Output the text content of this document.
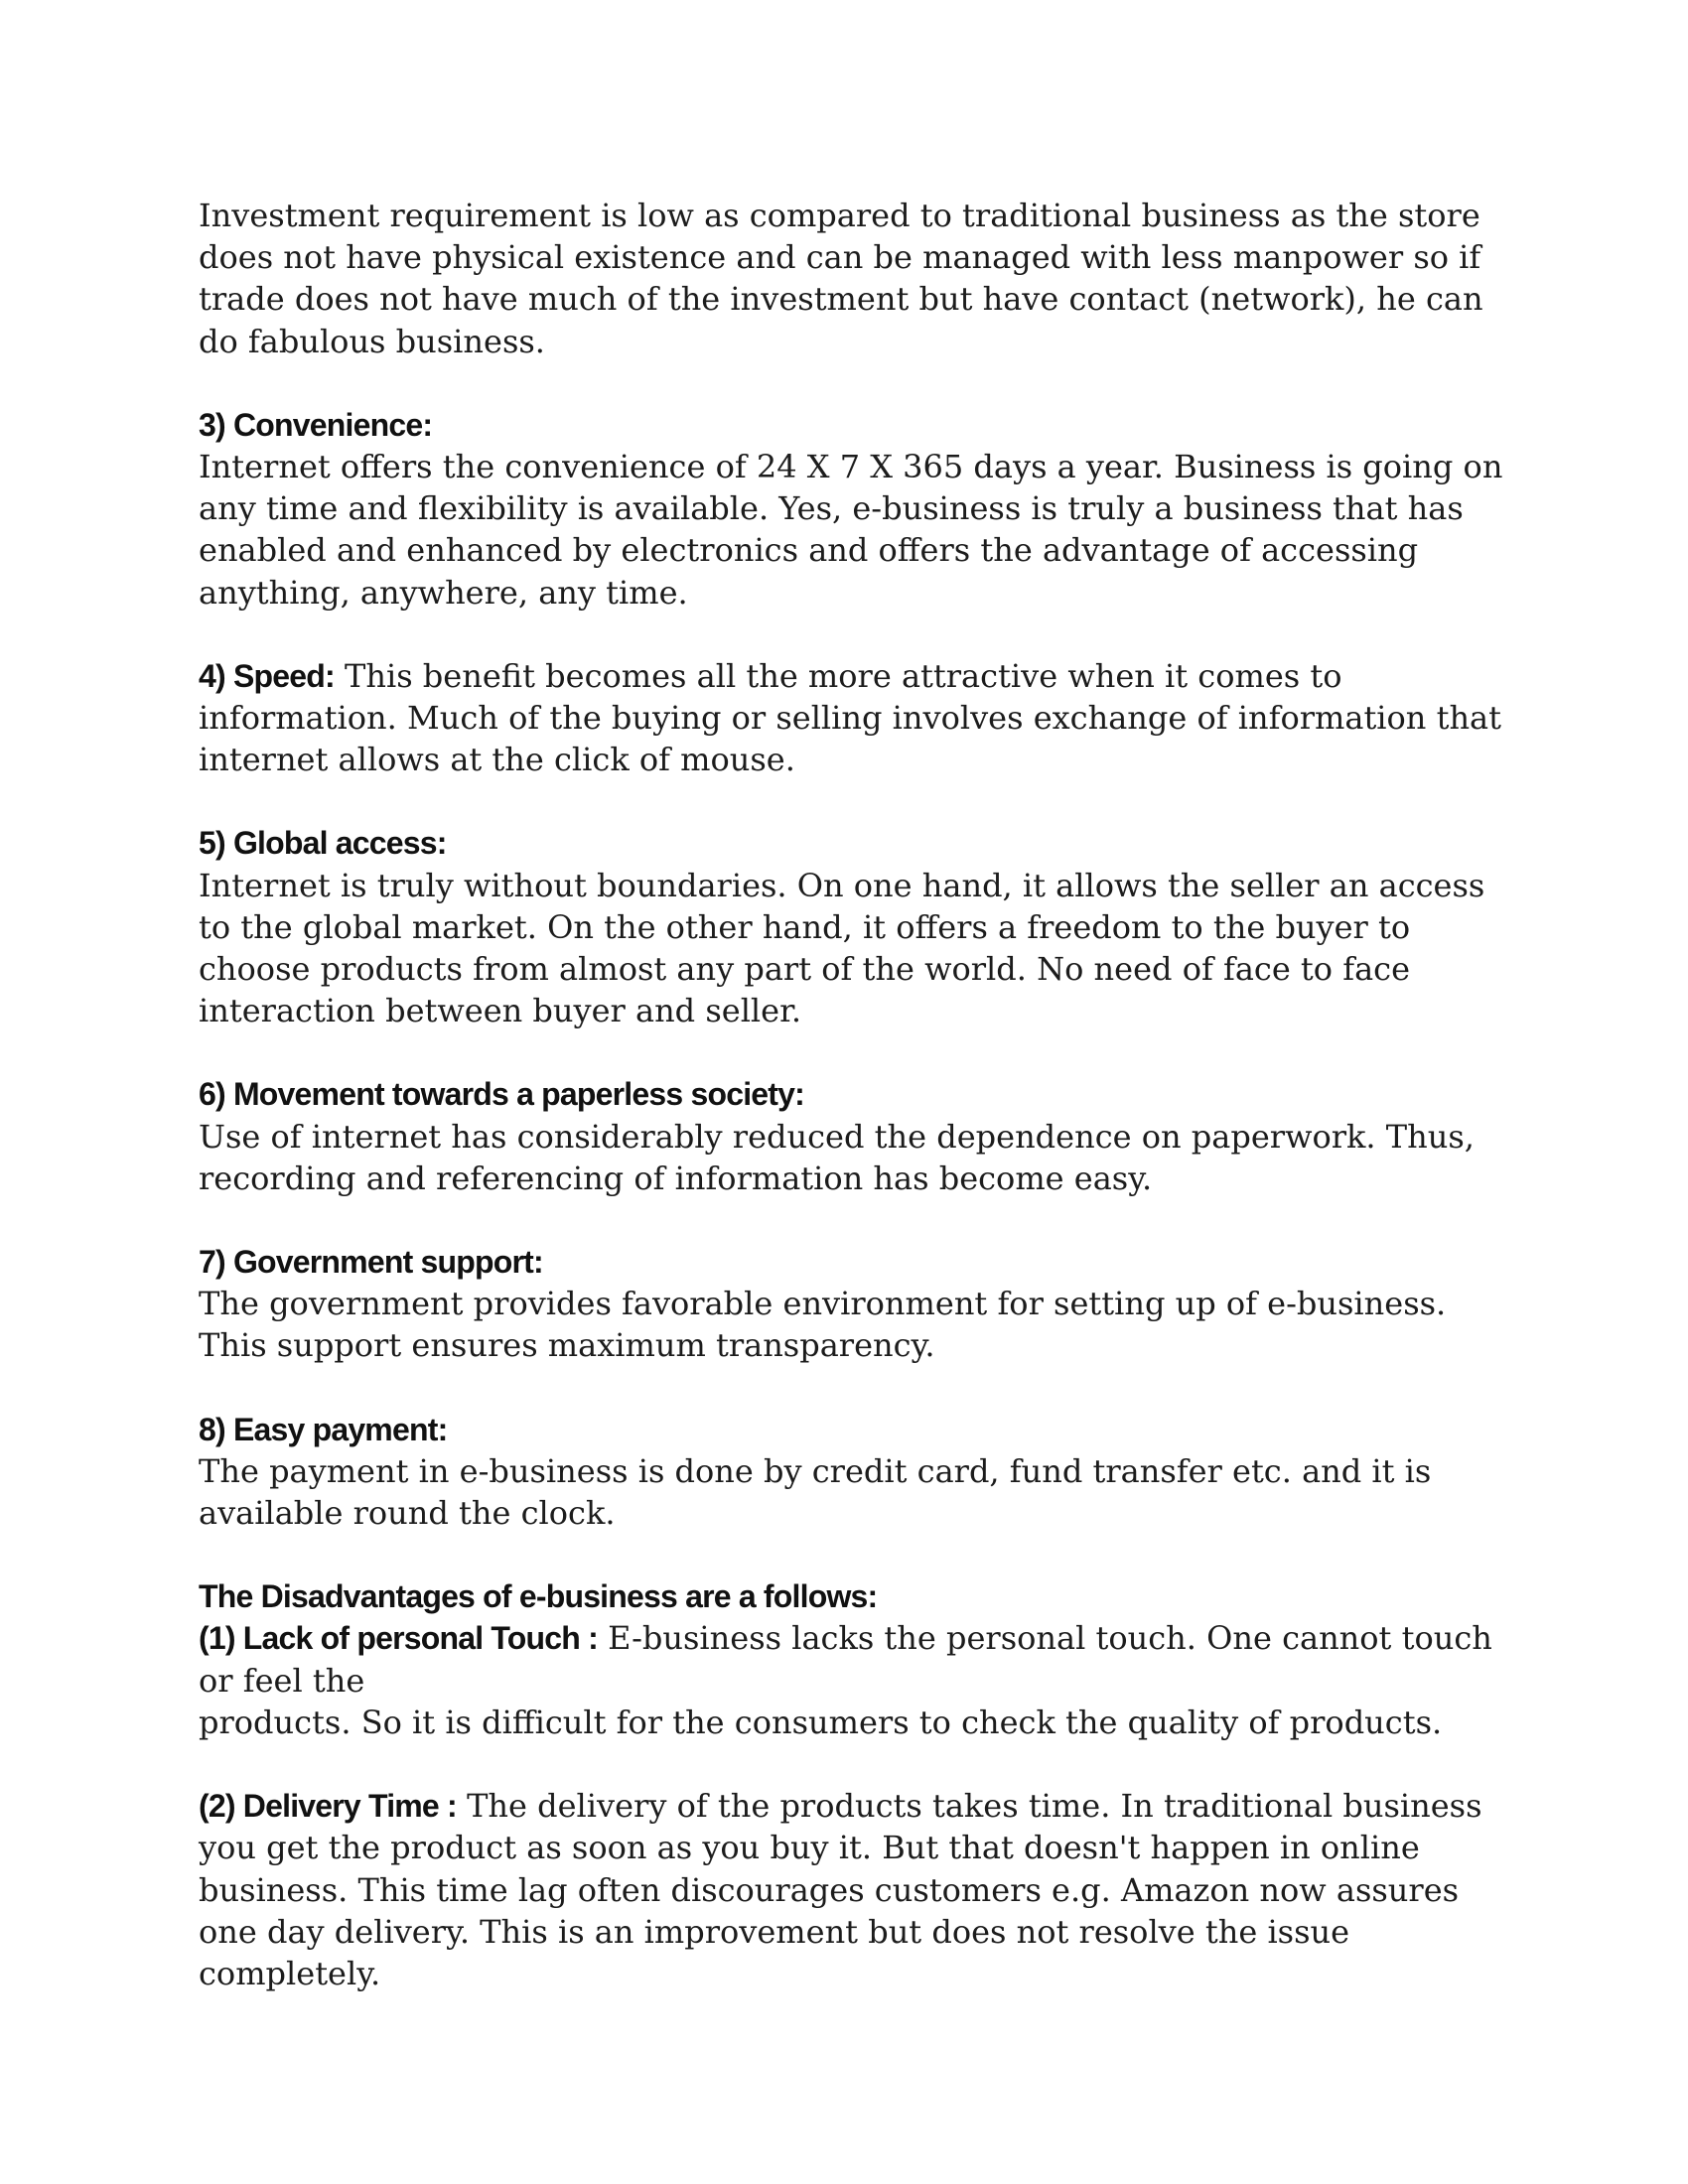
Investment requirement is low as compared to traditional business as the store does not have physical existence and can be managed with less manpower so if trade does not have much of the investment but have contact (network), he can do fabulous business.

3) Convenience:

Internet offers the convenience of 24 X 7 X 365 days a year. Business is going on any time and flexibility is available. Yes, e-business is truly a business that has enabled and enhanced by electronics and offers the advantage of accessing anything, anywhere, any time.

4) Speed: This benefit becomes all the more attractive when it comes to information. Much of the buying or selling involves exchange of information that internet allows at the click of mouse.

5) Global access:

Internet is truly without boundaries. On one hand, it allows the seller an access to the global market. On the other hand, it offers a freedom to the buyer to choose products from almost any part of the world. No need of face to face interaction between buyer and seller.

6) Movement towards a paperless society:

Use of internet has considerably reduced the dependence on paperwork. Thus, recording and referencing of information has become easy.

7) Government support:

The government provides favorable environment for setting up of e-business. This support ensures maximum transparency.

8) Easy payment:

The payment in e-business is done by credit card, fund transfer etc. and it is available round the clock.

The Disadvantages of e-business are a follows:

(1) Lack of personal Touch : E-business lacks the personal touch. One cannot touch or feel the

products. So it is difficult for the consumers to check the quality of products.

(2) Delivery Time : The delivery of the products takes time. In traditional business you get the product as soon as you buy it. But that doesn't happen in online business. This time lag often discourages customers e.g. Amazon now assures one day delivery. This is an improvement but does not resolve the issue completely.
